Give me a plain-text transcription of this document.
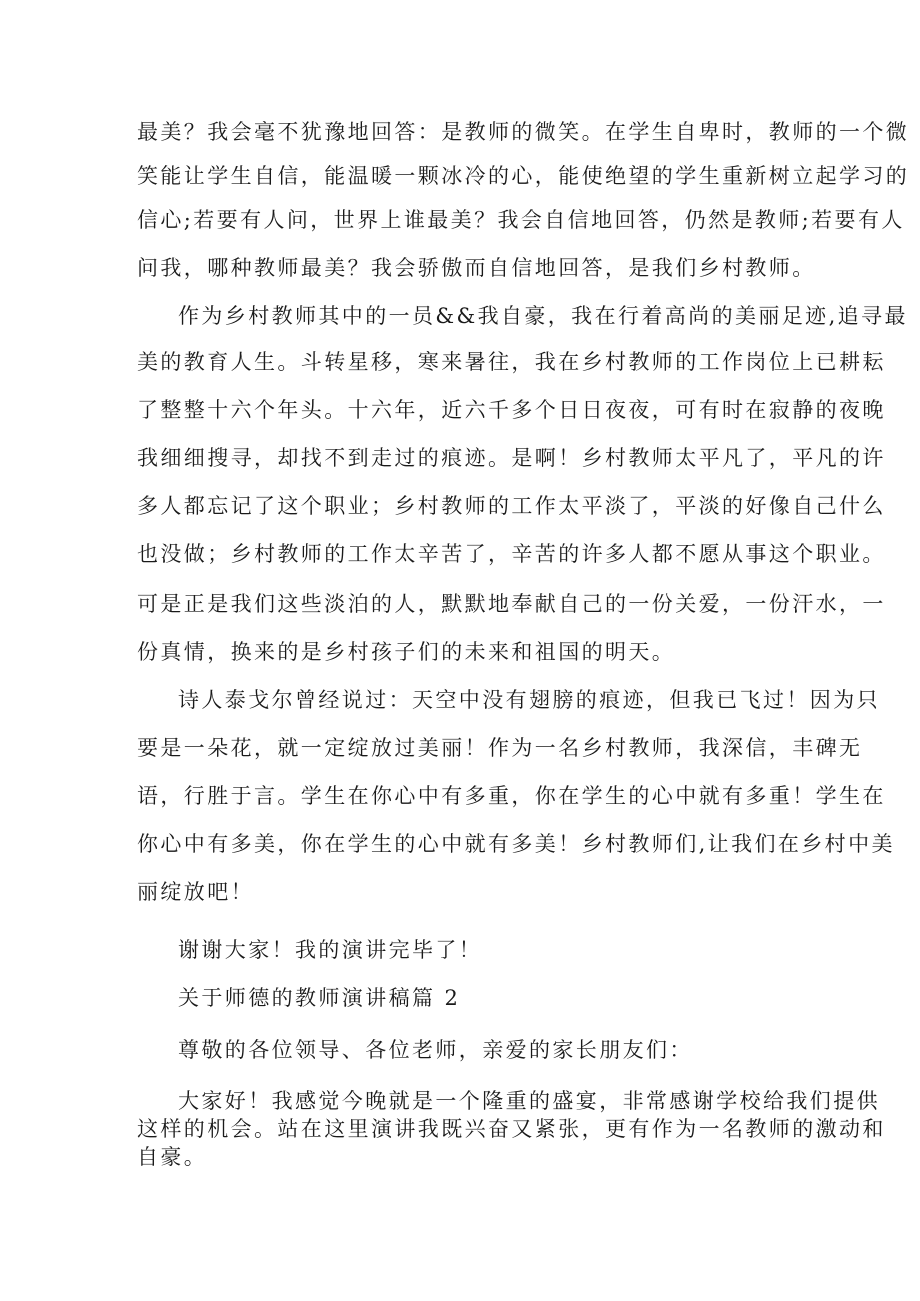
最美？我会毫不犹豫地回答：是教师的微笑。在学生自卑时，教师的一个微
笑能让学生自信，能温暖一颗冰冷的心，能使绝望的学生重新树立起学习的
信心;若要有人问，世界上谁最美？我会自信地回答，仍然是教师;若要有人
问我，哪种教师最美？我会骄傲而自信地回答，是我们乡村教师。
作为乡村教师其中的一员&&我自豪，我在行着高尚的美丽足迹,追寻最
美的教育人生。斗转星移，寒来暑往，我在乡村教师的工作岗位上已耕耘
了整整十六个年头。十六年，近六千多个日日夜夜，可有时在寂静的夜晚
我细细搜寻，却找不到走过的痕迹。是啊！乡村教师太平凡了，平凡的许
多人都忘记了这个职业；乡村教师的工作太平淡了，平淡的好像自己什么
也没做；乡村教师的工作太辛苦了，辛苦的许多人都不愿从事这个职业。
可是正是我们这些淡泊的人，默默地奉献自己的一份关爱，一份汗水，一
份真情，换来的是乡村孩子们的未来和祖国的明天。
诗人泰戈尔曾经说过：天空中没有翅膀的痕迹，但我已飞过！因为只
要是一朵花，就一定绽放过美丽！作为一名乡村教师，我深信，丰碑无
语，行胜于言。学生在你心中有多重，你在学生的心中就有多重！学生在
你心中有多美，你在学生的心中就有多美！乡村教师们,让我们在乡村中美
丽绽放吧！
谢谢大家！我的演讲完毕了！
关于师德的教师演讲稿篇 2
尊敬的各位领导、各位老师，亲爱的家长朋友们：
大家好！我感觉今晚就是一个隆重的盛宴，非常感谢学校给我们提供
这样的机会。站在这里演讲我既兴奋又紧张，更有作为一名教师的激动和
自豪。
